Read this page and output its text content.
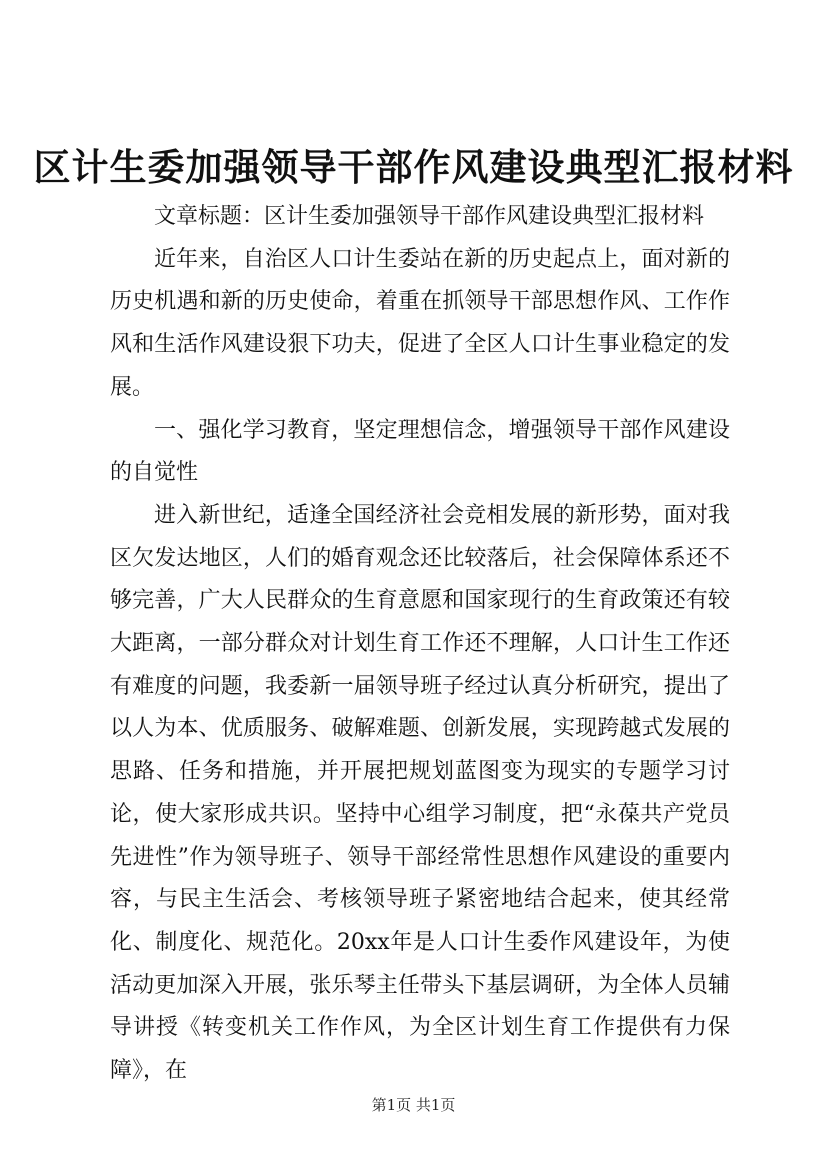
区计生委加强领导干部作风建设典型汇报材料

文章标题：区计生委加强领导干部作风建设典型汇报材料

近年来，自治区人口计生委站在新的历史起点上，面对新的历史机遇和新的历史使命，着重在抓领导干部思想作风、工作作风和生活作风建设狠下功夫，促进了全区人口计生事业稳定的发展。

一、强化学习教育，坚定理想信念，增强领导干部作风建设的自觉性

进入新世纪，适逢全国经济社会竞相发展的新形势，面对我区欠发达地区，人们的婚育观念还比较落后，社会保障体系还不够完善，广大人民群众的生育意愿和国家现行的生育政策还有较大距离，一部分群众对计划生育工作还不理解，人口计生工作还有难度的问题，我委新一届领导班子经过认真分析研究，提出了以人为本、优质服务、破解难题、创新发展，实现跨越式发展的思路、任务和措施，并开展把规划蓝图变为现实的专题学习讨论，使大家形成共识。坚持中心组学习制度，把“永葆共产党员先进性”作为领导班子、领导干部经常性思想作风建设的重要内容，与民主生活会、考核领导班子紧密地结合起来，使其经常化、制度化、规范化。20xx年是人口计生委作风建设年，为使活动更加深入开展，张乐琴主任带头下基层调研，为全体人员辅导讲授《转变机关工作作风，为全区计划生育工作提供有力保障》，在

第1页 共1页
